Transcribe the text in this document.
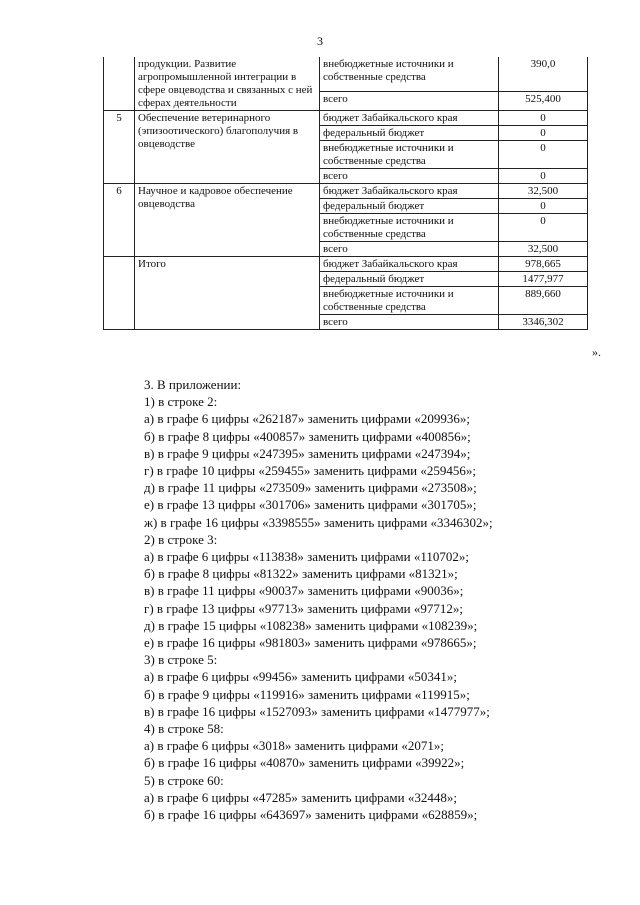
3
	продукции. Развитие агропромышленной интеграции в сфере овцеводства и связанных с ней сферах деятельности	внебюджетные источники и собственные средства	390,0
		всего	525,400
5	Обеспечение ветеринарного (эпизоотического) благополучия в овцеводстве	бюджет Забайкальского края	0
		федеральный бюджет	0
		внебюджетные источники и собственные средства	0
		всего	0
6	Научное и кадровое обеспечение овцеводства	бюджет Забайкальского края	32,500
		федеральный бюджет	0
		внебюджетные источники и собственные средства	0
		всего	32,500
	Итого	бюджет Забайкальского края	978,665
		федеральный бюджет	1477,977
		внебюджетные источники и собственные средства	889,660
		всего	3346,302
».
3. В приложении:
1) в строке 2:
а) в графе 6 цифры «262187» заменить цифрами «209936»;
б) в графе 8 цифры «400857» заменить цифрами «400856»;
в) в графе 9 цифры «247395» заменить цифрами «247394»;
г) в графе 10 цифры «259455» заменить цифрами «259456»;
д) в графе 11 цифры «273509» заменить цифрами «273508»;
е) в графе 13 цифры «301706» заменить цифрами «301705»;
ж) в графе 16 цифры «3398555» заменить цифрами «3346302»;
2) в строке 3:
а) в графе 6 цифры «113838» заменить цифрами «110702»;
б) в графе 8 цифры «81322» заменить цифрами «81321»;
в) в графе 11 цифры «90037» заменить цифрами «90036»;
г) в графе 13 цифры «97713» заменить цифрами «97712»;
д) в графе 15 цифры «108238» заменить цифрами «108239»;
е) в графе 16 цифры «981803» заменить цифрами «978665»;
3) в строке 5:
а) в графе 6 цифры «99456» заменить цифрами «50341»;
б) в графе 9 цифры «119916» заменить цифрами «119915»;
в) в графе 16 цифры «1527093» заменить цифрами «1477977»;
4) в строке 58:
а) в графе 6 цифры «3018» заменить цифрами «2071»;
б) в графе 16 цифры «40870» заменить цифрами «39922»;
5) в строке 60:
а) в графе 6 цифры «47285» заменить цифрами «32448»;
б) в графе 16 цифры «643697» заменить цифрами «628859»;
